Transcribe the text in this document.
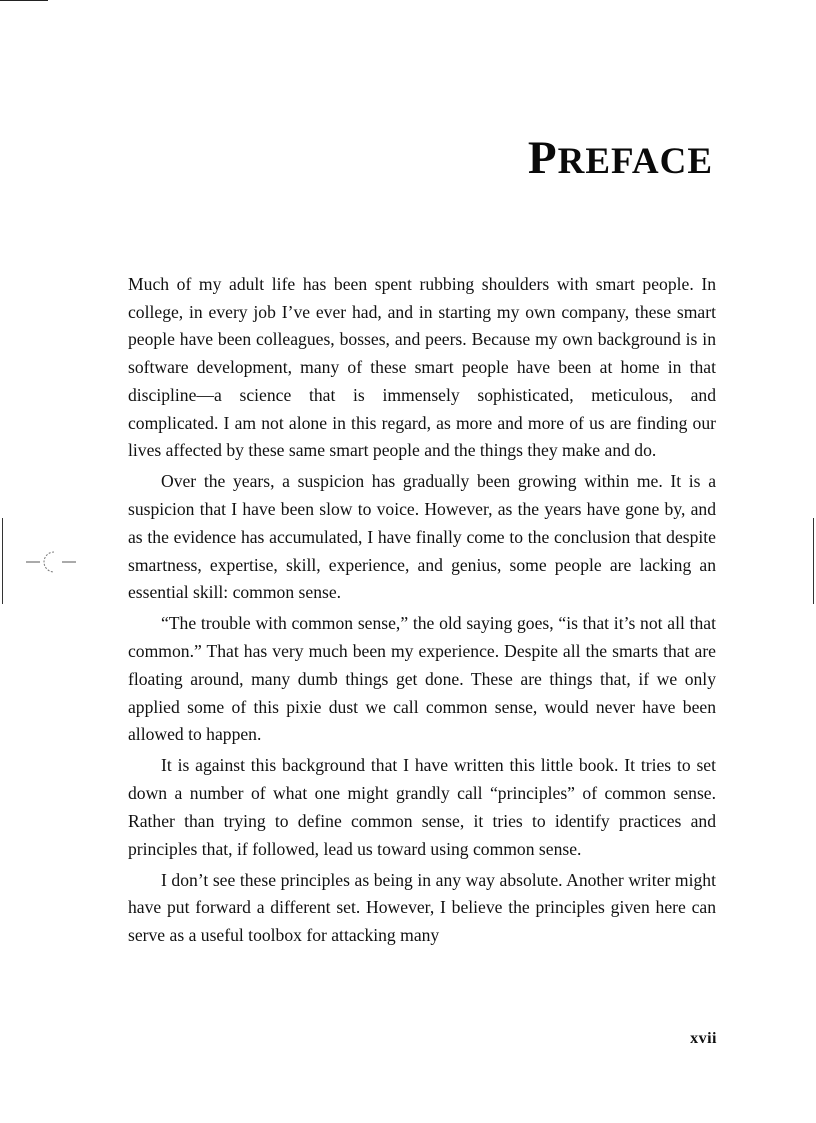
PREFACE

Much of my adult life has been spent rubbing shoulders with smart people. In college, in every job I’ve ever had, and in starting my own company, these smart people have been colleagues, bosses, and peers. Because my own background is in software development, many of these smart people have been at home in that discipline—a science that is immensely sophisticated, meticulous, and complicated. I am not alone in this regard, as more and more of us are finding our lives affected by these same smart people and the things they make and do.

Over the years, a suspicion has gradually been growing within me. It is a suspicion that I have been slow to voice. However, as the years have gone by, and as the evidence has accumulated, I have finally come to the conclusion that despite smartness, expertise, skill, experience, and genius, some people are lacking an essential skill: common sense.

“The trouble with common sense,” the old saying goes, “is that it’s not all that common.” That has very much been my experience. Despite all the smarts that are floating around, many dumb things get done. These are things that, if we only applied some of this pixie dust we call common sense, would never have been allowed to happen.

It is against this background that I have written this little book. It tries to set down a number of what one might grandly call “principles” of common sense. Rather than trying to define common sense, it tries to identify practices and principles that, if followed, lead us toward using common sense.

I don’t see these principles as being in any way absolute. Another writer might have put forward a different set. However, I believe the principles given here can serve as a useful toolbox for attacking many

xvii
